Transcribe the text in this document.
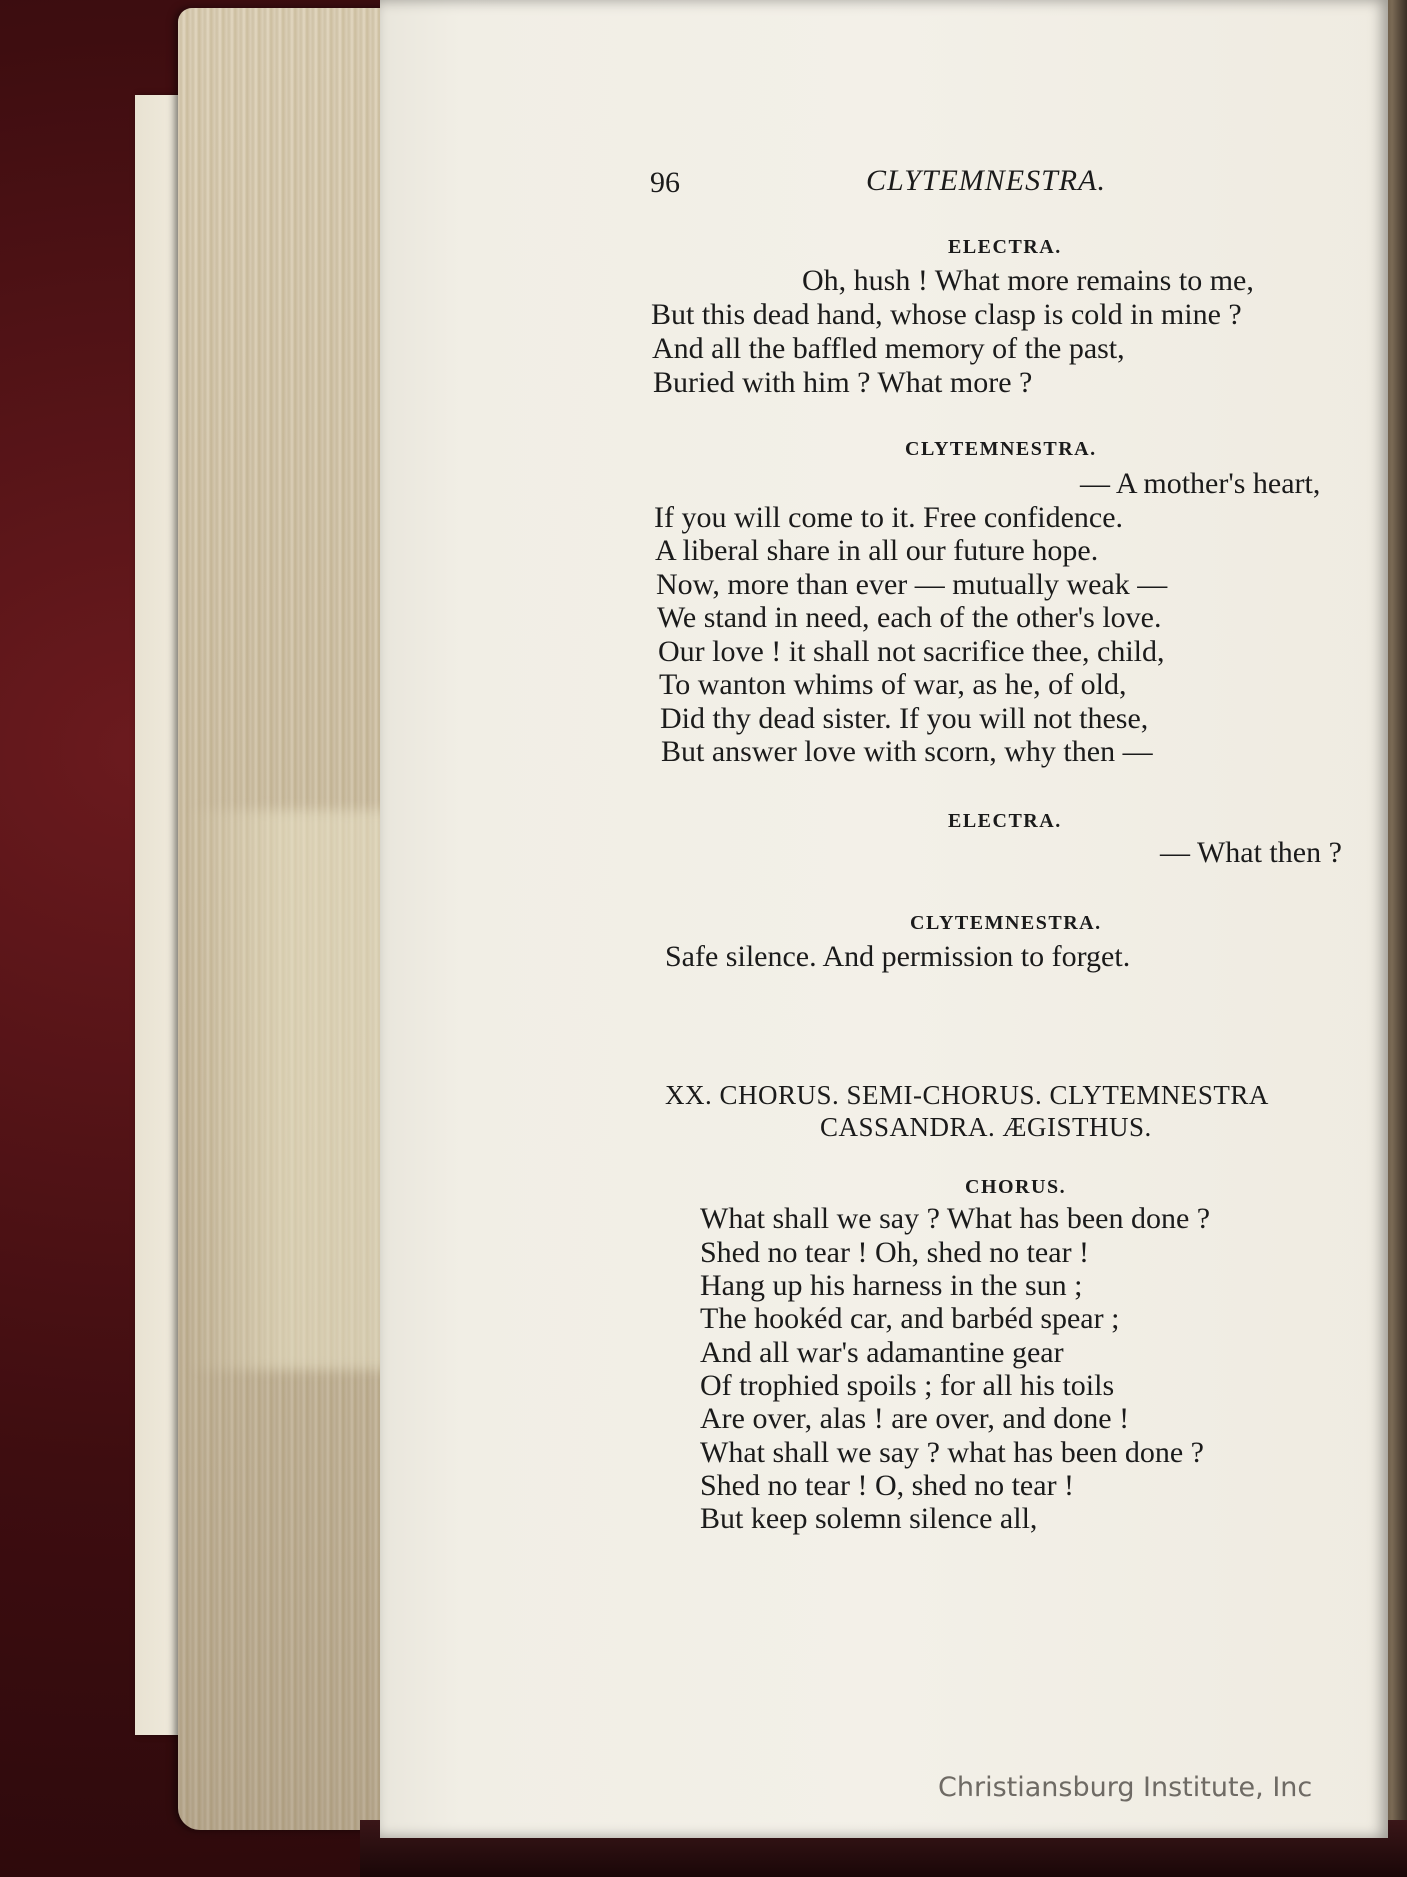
96	CLYTEMNESTRA.
ELECTRA.
Oh, hush ! What more remains to me,
But this dead hand, whose clasp is cold in mine ?
And all the baffled memory of the past,
Buried with him ? What more ?
CLYTEMNESTRA.
— A mother's heart,
If you will come to it. Free confidence.
A liberal share in all our future hope.
Now, more than ever — mutually weak —
We stand in need, each of the other's love.
Our love ! it shall not sacrifice thee, child,
To wanton whims of war, as he, of old,
Did thy dead sister. If you will not these,
But answer love with scorn, why then —
ELECTRA.
— What then ?
CLYTEMNESTRA.
Safe silence. And permission to forget.
XX. CHORUS. SEMI-CHORUS. CLYTEMNESTRA
CASSANDRA. ÆGISTHUS.
CHORUS.
What shall we say ? What has been done ?
Shed no tear ! Oh, shed no tear !
Hang up his harness in the sun ;
The hookéd car, and barbéd spear ;
And all war's adamantine gear
Of trophied spoils ; for all his toils
Are over, alas ! are over, and done !
What shall we say ? what has been done ?
Shed no tear ! O, shed no tear !
But keep solemn silence all,
Christiansburg Institute, Inc
